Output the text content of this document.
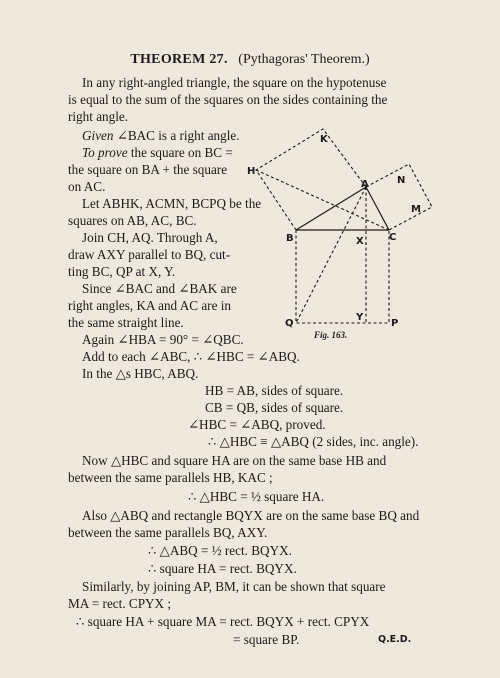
THEOREM 27. (Pythagoras' Theorem.)
In any right-angled triangle, the square on the hypotenuse
is equal to the sum of the squares on the sides containing the
right angle.
Given ∠BAC is a right angle.
To prove the square on BC =
the square on BA + the square
on AC.
Let ABHK, ACMN, BCPQ be the
squares on AB, AC, BC.
Join CH, AQ. Through A,
draw AXY parallel to BQ, cut-
ting BC, QP at X, Y.
Since ∠BAC and ∠BAK are
right angles, KA and AC are in
the same straight line.
Again ∠HBA = 90° = ∠QBC.
Add to each ∠ABC, ∴ ∠HBC = ∠ABQ.
In the △s HBC, ABQ.
HB = AB, sides of square.
CB = QB, sides of square.
∠HBC = ∠ABQ, proved.
∴ △HBC ≡ △ABQ (2 sides, inc. angle).
Now △HBC and square HA are on the same base HB and
between the same parallels HB, KAC ;
∴ △HBC = ½ square HA.
Also △ABQ and rectangle BQYX are on the same base BQ and
between the same parallels BQ, AXY.
∴ △ABQ = ½ rect. BQYX.
∴ square HA = rect. BQYX.
Similarly, by joining AP, BM, it can be shown that square
MA = rect. CPYX ;
∴ square HA + square MA = rect. BQYX + rect. CPYX
= square BP.	Q.E.D.
K
H
A	N
M
B	X	C
Q
Y
P
Fig. 163.
